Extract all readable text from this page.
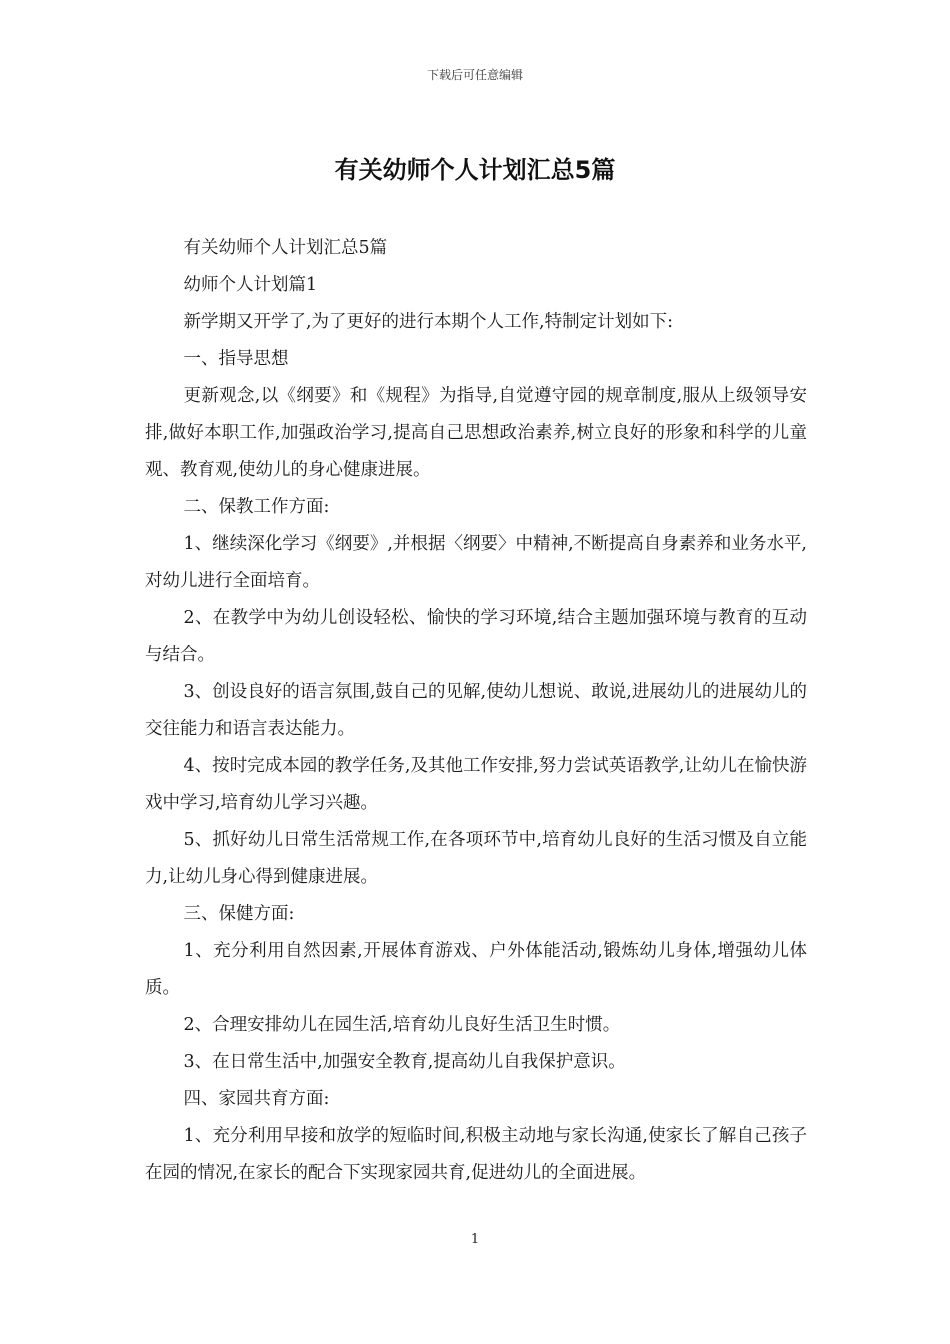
下载后可任意编辑
有关幼师个人计划汇总5篇

有关幼师个人计划汇总5篇

幼师个人计划篇1

新学期又开学了,为了更好的进行本期个人工作,特制定计划如下:

一、指导思想

更新观念,以《纲要》和《规程》为指导,自觉遵守园的规章制度,服从上级领导安排,做好本职工作,加强政治学习,提高自己思想政治素养,树立良好的形象和科学的儿童观、教育观,使幼儿的身心健康进展。

二、保教工作方面:

1、继续深化学习《纲要》,并根据〈纲要〉中精神,不断提高自身素养和业务水平,对幼儿进行全面培育。

2、在教学中为幼儿创设轻松、愉快的学习环境,结合主题加强环境与教育的互动与结合。

3、创设良好的语言氛围,鼓自己的见解,使幼儿想说、敢说,进展幼儿的进展幼儿的交往能力和语言表达能力。

4、按时完成本园的教学任务,及其他工作安排,努力尝试英语教学,让幼儿在愉快游戏中学习,培育幼儿学习兴趣。

5、抓好幼儿日常生活常规工作,在各项环节中,培育幼儿良好的生活习惯及自立能力,让幼儿身心得到健康进展。

三、保健方面:

1、充分利用自然因素,开展体育游戏、户外体能活动,锻炼幼儿身体,增强幼儿体质。

2、合理安排幼儿在园生活,培育幼儿良好生活卫生时惯。

3、在日常生活中,加强安全教育,提高幼儿自我保护意识。

四、家园共育方面:

1、充分利用早接和放学的短临时间,积极主动地与家长沟通,使家长了解自己孩子在园的情况,在家长的配合下实现家园共育,促进幼儿的全面进展。

1
